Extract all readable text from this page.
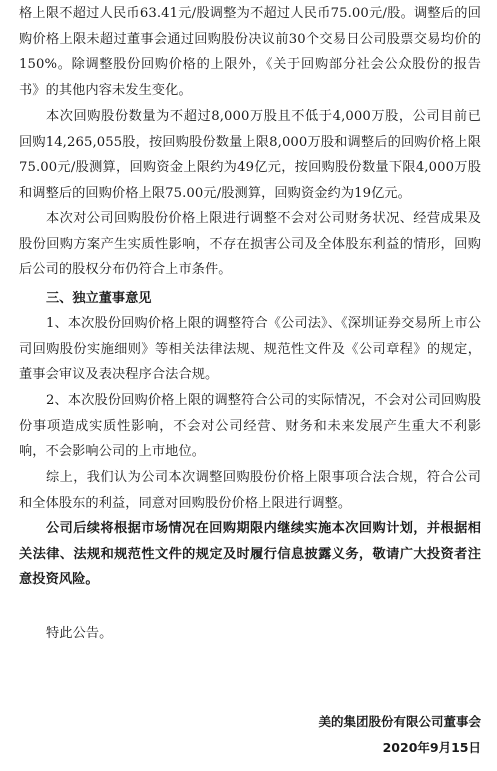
格上限不超过人民币63.41元/股调整为不超过人民币75.00元/股。调整后的回购价格上限未超过董事会通过回购股份决议前30个交易日公司股票交易均价的150%。除调整股份回购价格的上限外，《关于回购部分社会公众股份的报告书》的其他内容未发生变化。

本次回购股份数量为不超过8,000万股且不低于4,000万股，公司目前已回购14,265,055股，按回购股份数量上限8,000万股和调整后的回购价格上限75.00元/股测算，回购资金上限约为49亿元，按回购股份数量下限4,000万股和调整后的回购价格上限75.00元/股测算，回购资金约为19亿元。

本次对公司回购股份价格上限进行调整不会对公司财务状况、经营成果及股份回购方案产生实质性影响，不存在损害公司及全体股东利益的情形，回购后公司的股权分布仍符合上市条件。

三、独立董事意见

1、本次股份回购价格上限的调整符合《公司法》、《深圳证券交易所上市公司回购股份实施细则》等相关法律法规、规范性文件及《公司章程》的规定，董事会审议及表决程序合法合规。

2、本次股份回购价格上限的调整符合公司的实际情况，不会对公司回购股份事项造成实质性影响，不会对公司经营、财务和未来发展产生重大不利影响，不会影响公司的上市地位。

综上，我们认为公司本次调整回购股份价格上限事项合法合规，符合公司和全体股东的利益，同意对回购股份价格上限进行调整。

公司后续将根据市场情况在回购期限内继续实施本次回购计划，并根据相关法律、法规和规范性文件的规定及时履行信息披露义务，敬请广大投资者注意投资风险。

特此公告。

美的集团股份有限公司董事会

2020年9月15日
